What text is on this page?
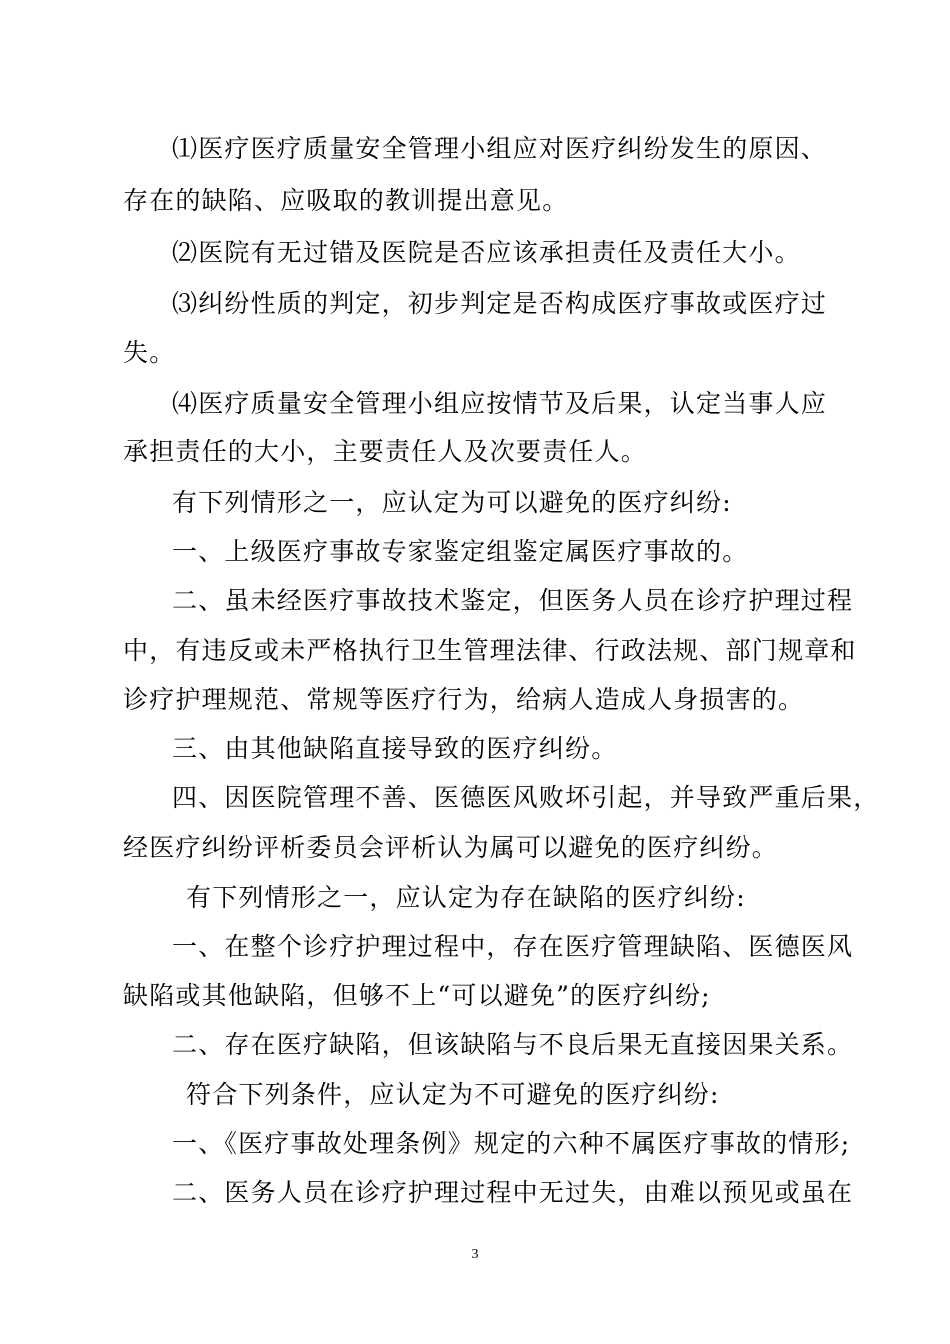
⑴医疗医疗质量安全管理小组应对医疗纠纷发生的原因、
存在的缺陷、应吸取的教训提出意见。
⑵医院有无过错及医院是否应该承担责任及责任大小。
⑶纠纷性质的判定，初步判定是否构成医疗事故或医疗过
失。
⑷医疗质量安全管理小组应按情节及后果，认定当事人应
承担责任的大小，主要责任人及次要责任人。
有下列情形之一，应认定为可以避免的医疗纠纷:
一、上级医疗事故专家鉴定组鉴定属医疗事故的。
二、虽未经医疗事故技术鉴定，但医务人员在诊疗护理过程
中，有违反或未严格执行卫生管理法律、行政法规、部门规章和
诊疗护理规范、常规等医疗行为，给病人造成人身损害的。
三、由其他缺陷直接导致的医疗纠纷。
四、因医院管理不善、医德医风败坏引起，并导致严重后果，
经医疗纠纷评析委员会评析认为属可以避免的医疗纠纷。
有下列情形之一，应认定为存在缺陷的医疗纠纷:
一、在整个诊疗护理过程中，存在医疗管理缺陷、医德医风
缺陷或其他缺陷，但够不上“可以避免”的医疗纠纷;
二、存在医疗缺陷，但该缺陷与不良后果无直接因果关系。
符合下列条件，应认定为不可避免的医疗纠纷:
一、《医疗事故处理条例》规定的六种不属医疗事故的情形;
二、医务人员在诊疗护理过程中无过失，由难以预见或虽在
3
